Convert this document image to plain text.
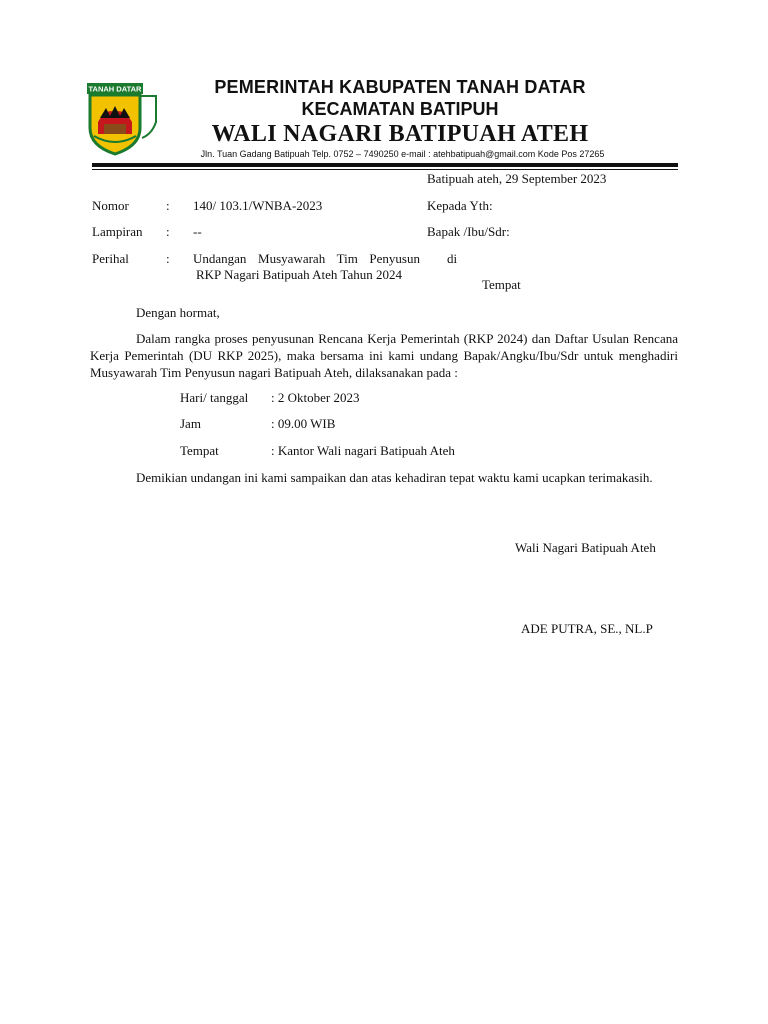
TANAH DATAR	PEMERINTAH KABUPATEN TANAH DATAR
KECAMATAN BATIPUH
WALI NAGARI BATIPUAH ATEH
Jln. Tuan Gadang Batipuah Telp. 0752 – 7490250 e-mail : atehbatipuah@gmail.com Kode Pos 27265
Batipuah ateh, 29 September 2023
Nomor	: 140/ 103.1/WNBA-2023
Lampiran : --
Perihal	: Undangan Musyawarah Tim Penyusun
RKP Nagari Batipuah Ateh Tahun 2024
Kepada Yth:
Bapak /Ibu/Sdr:
di
Tempat
Dengan hormat,
Dalam rangka proses penyusunan Rencana Kerja Pemerintah (RKP 2024) dan Daftar Usulan Rencana Kerja Pemerintah (DU RKP 2025), maka bersama ini kami undang Bapak/Angku/Ibu/Sdr untuk menghadiri Musyawarah Tim Penyusun nagari Batipuah Ateh, dilaksanakan pada :
Hari/ tanggal : 2 Oktober 2023
Jam	: 09.00 WIB
Tempat	: Kantor Wali nagari Batipuah Ateh
Demikian undangan ini kami sampaikan dan atas kehadiran tepat waktu kami ucapkan terimakasih.
Wali Nagari Batipuah Ateh
ADE PUTRA, SE., NL.P
